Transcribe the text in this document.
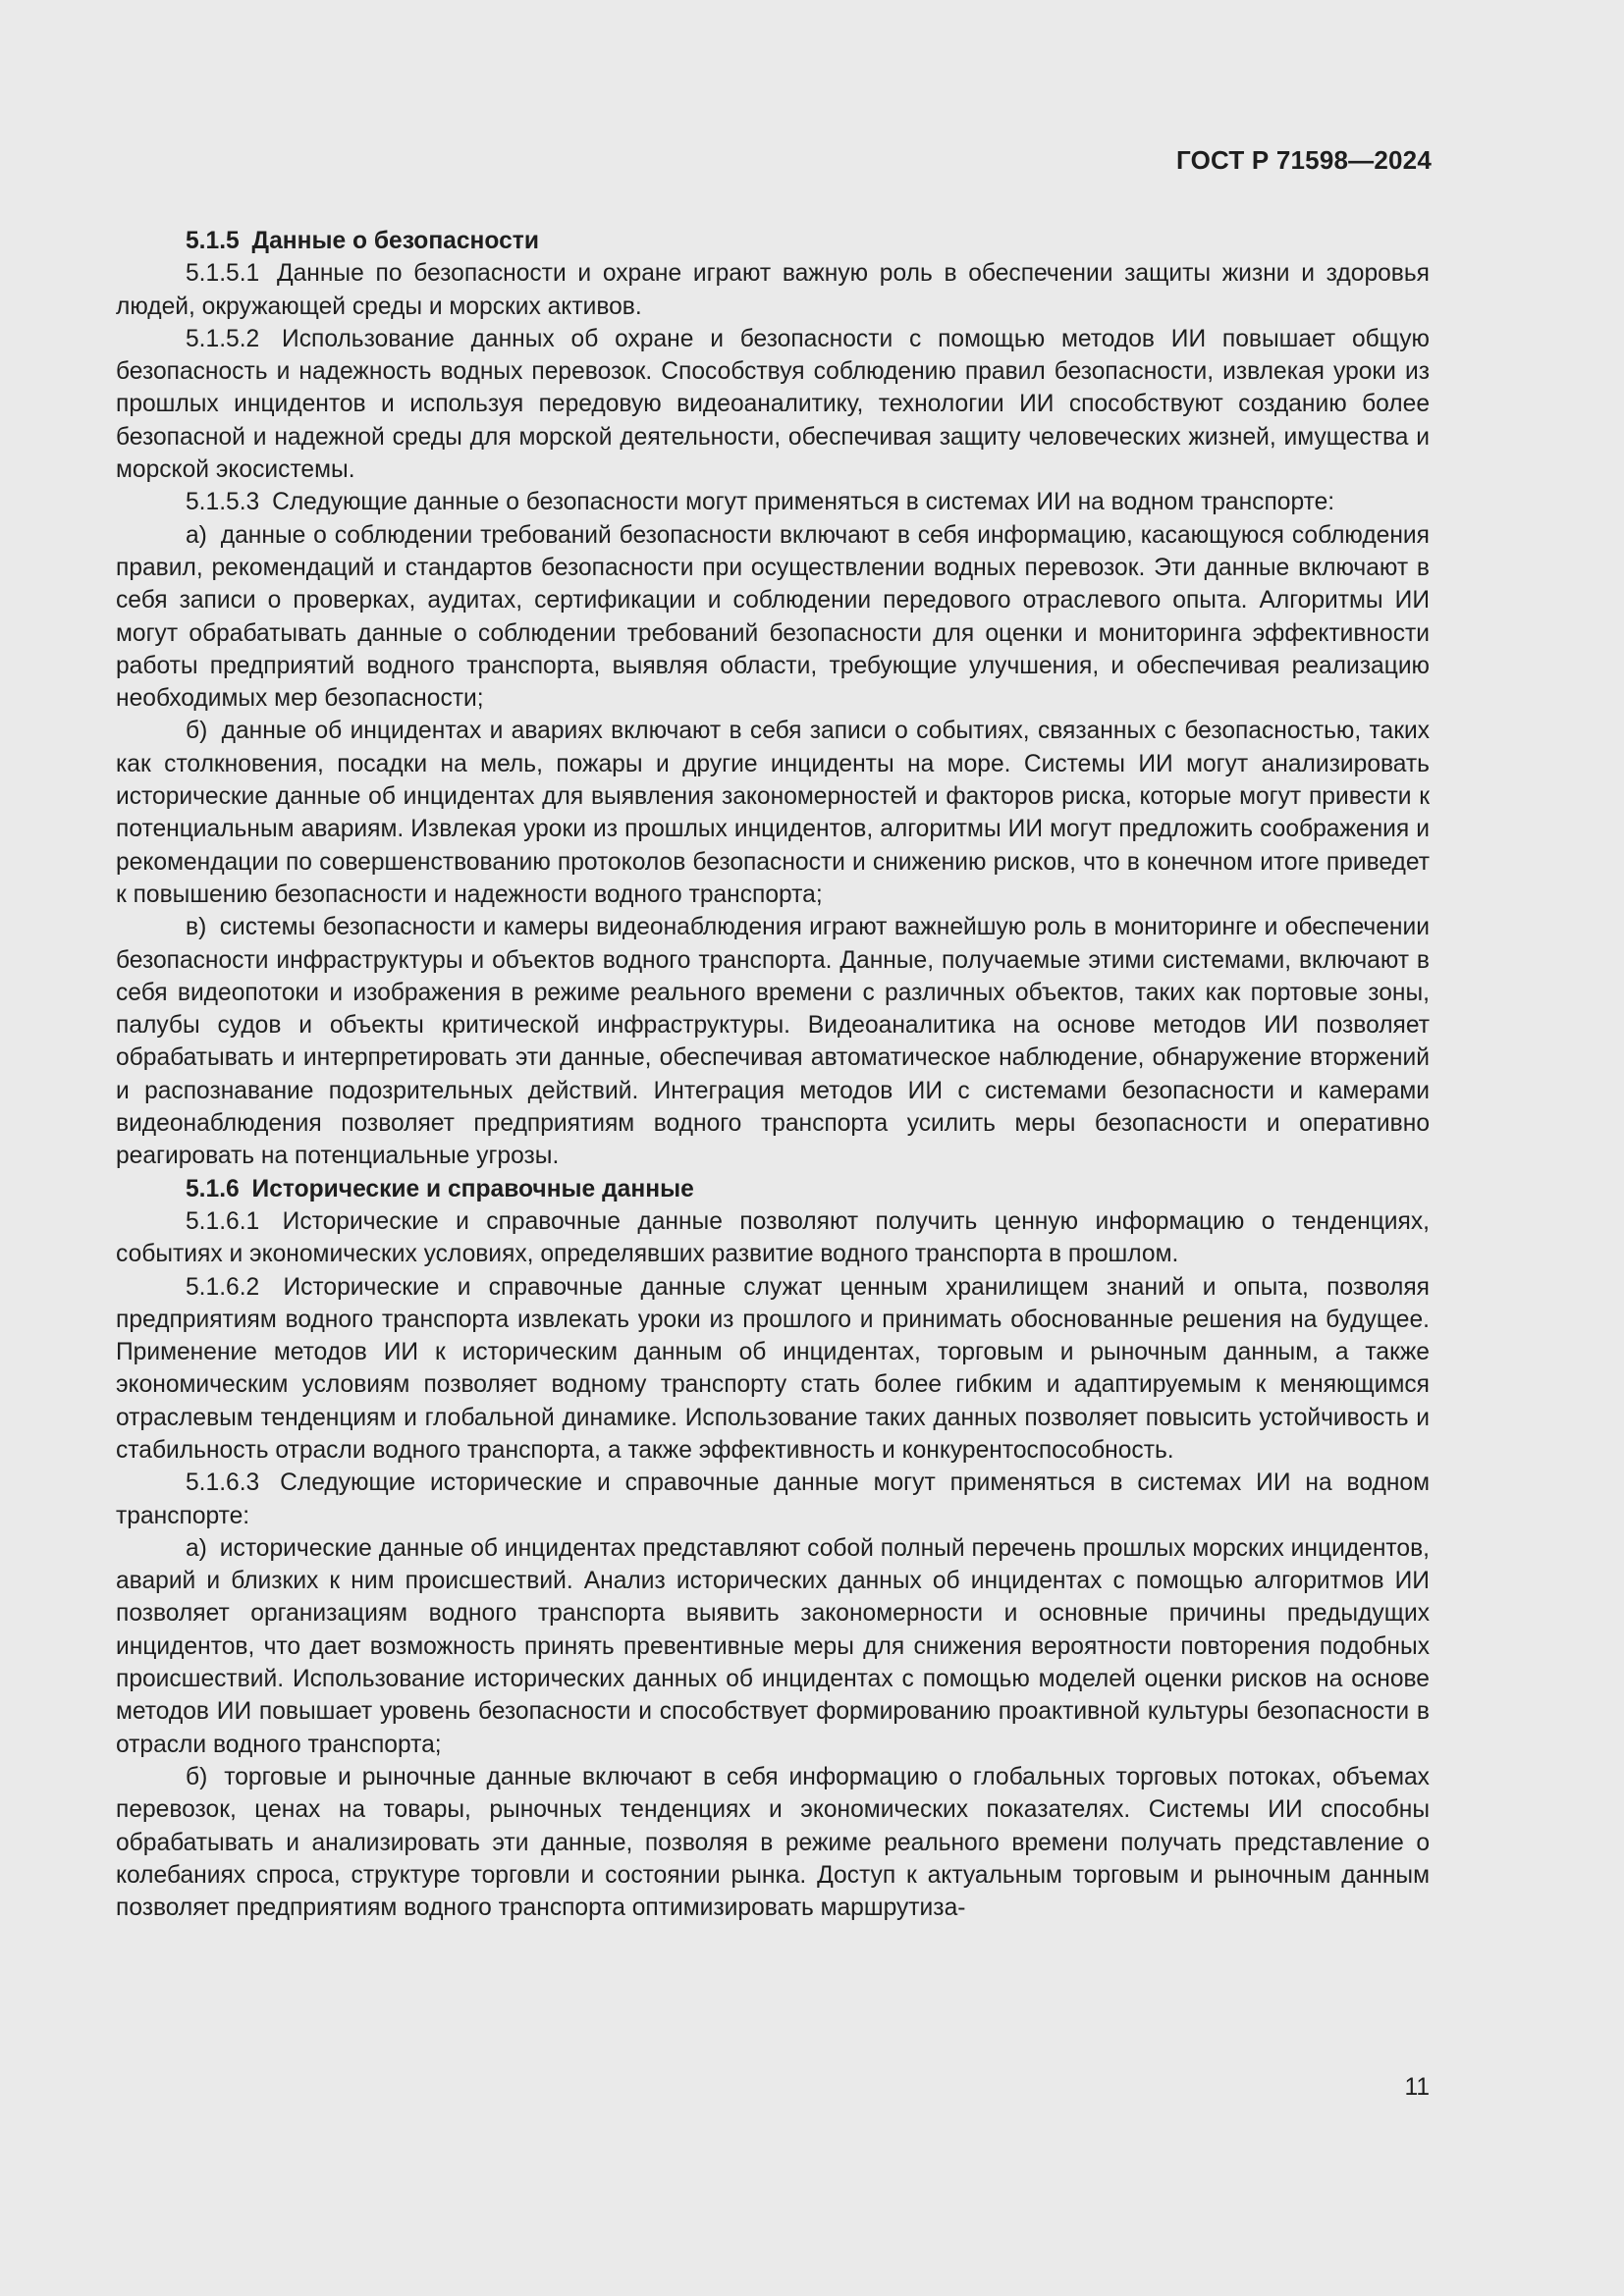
ГОСТ Р 71598—2024

5.1.5 Данные о безопасности

5.1.5.1 Данные по безопасности и охране играют важную роль в обеспечении защиты жизни и здоровья людей, окружающей среды и морских активов.

5.1.5.2 Использование данных об охране и безопасности с помощью методов ИИ повышает общую безопасность и надежность водных перевозок. Способствуя соблюдению правил безопасности, извлекая уроки из прошлых инцидентов и используя передовую видеоаналитику, технологии ИИ способствуют созданию более безопасной и надежной среды для морской деятельности, обеспечивая защиту человеческих жизней, имущества и морской экосистемы.

5.1.5.3 Следующие данные о безопасности могут применяться в системах ИИ на водном транспорте:

а) данные о соблюдении требований безопасности включают в себя информацию, касающуюся соблюдения правил, рекомендаций и стандартов безопасности при осуществлении водных перевозок. Эти данные включают в себя записи о проверках, аудитах, сертификации и соблюдении передового отраслевого опыта. Алгоритмы ИИ могут обрабатывать данные о соблюдении требований безопасности для оценки и мониторинга эффективности работы предприятий водного транспорта, выявляя области, требующие улучшения, и обеспечивая реализацию необходимых мер безопасности;

б) данные об инцидентах и авариях включают в себя записи о событиях, связанных с безопасностью, таких как столкновения, посадки на мель, пожары и другие инциденты на море. Системы ИИ могут анализировать исторические данные об инцидентах для выявления закономерностей и факторов риска, которые могут привести к потенциальным авариям. Извлекая уроки из прошлых инцидентов, алгоритмы ИИ могут предложить соображения и рекомендации по совершенствованию протоколов безопасности и снижению рисков, что в конечном итоге приведет к повышению безопасности и надежности водного транспорта;

в) системы безопасности и камеры видеонаблюдения играют важнейшую роль в мониторинге и обеспечении безопасности инфраструктуры и объектов водного транспорта. Данные, получаемые этими системами, включают в себя видеопотоки и изображения в режиме реального времени с различных объектов, таких как портовые зоны, палубы судов и объекты критической инфраструктуры. Видеоаналитика на основе методов ИИ позволяет обрабатывать и интерпретировать эти данные, обеспечивая автоматическое наблюдение, обнаружение вторжений и распознавание подозрительных действий. Интеграция методов ИИ с системами безопасности и камерами видеонаблюдения позволяет предприятиям водного транспорта усилить меры безопасности и оперативно реагировать на потенциальные угрозы.

5.1.6 Исторические и справочные данные

5.1.6.1 Исторические и справочные данные позволяют получить ценную информацию о тенденциях, событиях и экономических условиях, определявших развитие водного транспорта в прошлом.

5.1.6.2 Исторические и справочные данные служат ценным хранилищем знаний и опыта, позволяя предприятиям водного транспорта извлекать уроки из прошлого и принимать обоснованные решения на будущее. Применение методов ИИ к историческим данным об инцидентах, торговым и рыночным данным, а также экономическим условиям позволяет водному транспорту стать более гибким и адаптируемым к меняющимся отраслевым тенденциям и глобальной динамике. Использование таких данных позволяет повысить устойчивость и стабильность отрасли водного транспорта, а также эффективность и конкурентоспособность.

5.1.6.3 Следующие исторические и справочные данные могут применяться в системах ИИ на водном транспорте:

а) исторические данные об инцидентах представляют собой полный перечень прошлых морских инцидентов, аварий и близких к ним происшествий. Анализ исторических данных об инцидентах с помощью алгоритмов ИИ позволяет организациям водного транспорта выявить закономерности и основные причины предыдущих инцидентов, что дает возможность принять превентивные меры для снижения вероятности повторения подобных происшествий. Использование исторических данных об инцидентах с помощью моделей оценки рисков на основе методов ИИ повышает уровень безопасности и способствует формированию проактивной культуры безопасности в отрасли водного транспорта;

б) торговые и рыночные данные включают в себя информацию о глобальных торговых потоках, объемах перевозок, ценах на товары, рыночных тенденциях и экономических показателях. Системы ИИ способны обрабатывать и анализировать эти данные, позволяя в режиме реального времени получать представление о колебаниях спроса, структуре торговли и состоянии рынка. Доступ к актуальным торговым и рыночным данным позволяет предприятиям водного транспорта оптимизировать маршрутиза-

11
